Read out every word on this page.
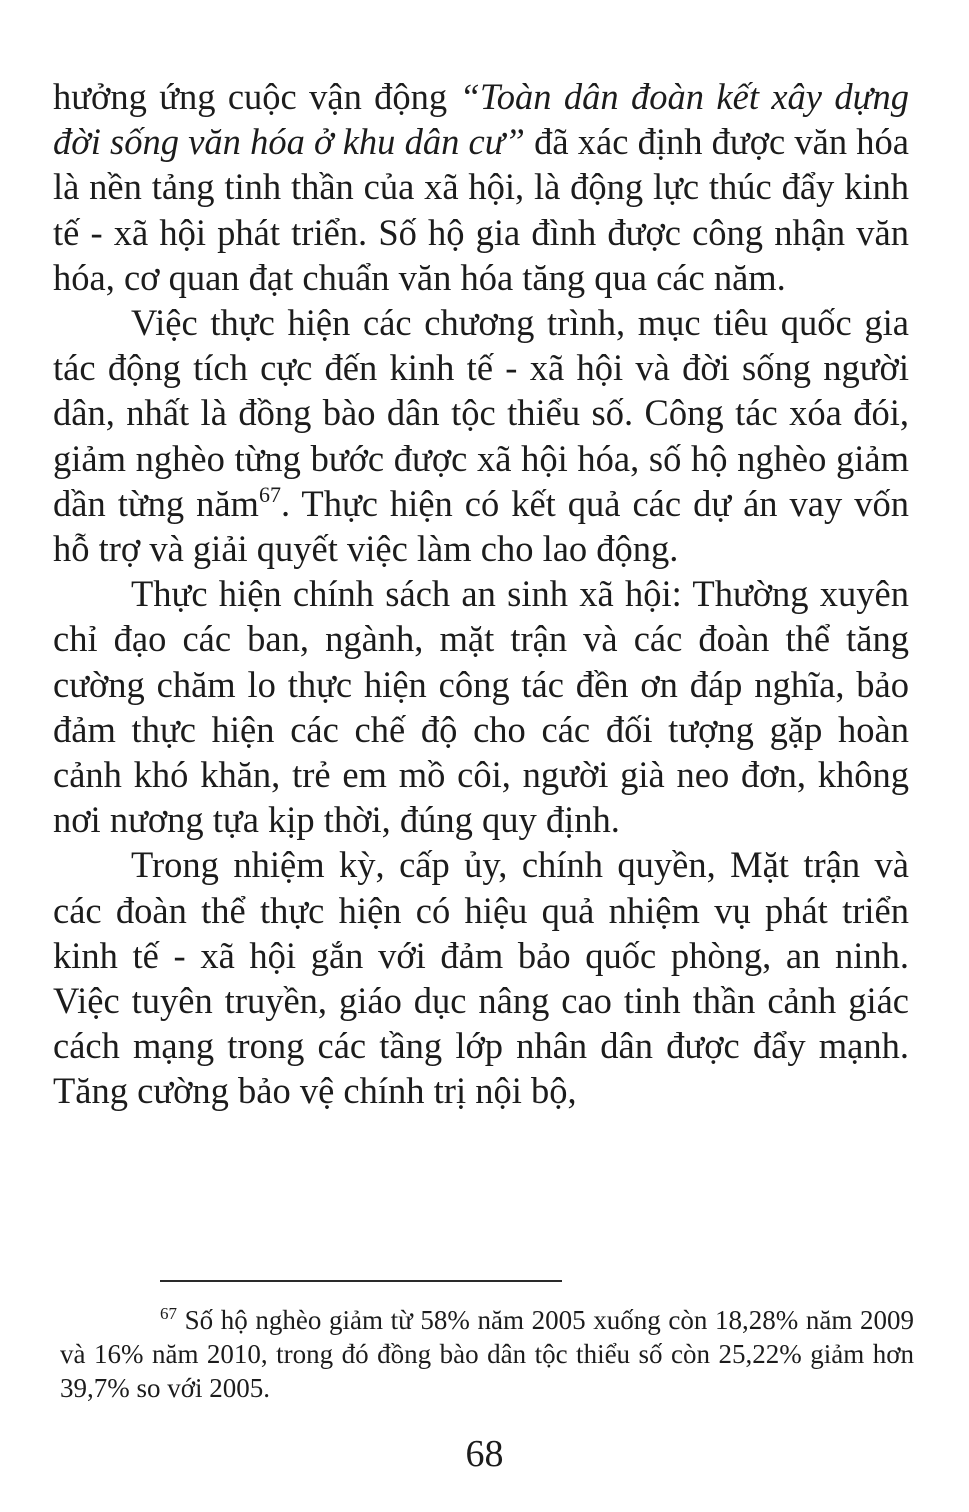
hưởng ứng cuộc vận động “Toàn dân đoàn kết xây dựng đời sống văn hóa ở khu dân cư” đã xác định được văn hóa là nền tảng tinh thần của xã hội, là động lực thúc đẩy kinh tế - xã hội phát triển. Số hộ gia đình được công nhận văn hóa, cơ quan đạt chuẩn văn hóa tăng qua các năm.

Việc thực hiện các chương trình, mục tiêu quốc gia tác động tích cực đến kinh tế - xã hội và đời sống người dân, nhất là đồng bào dân tộc thiểu số. Công tác xóa đói, giảm nghèo từng bước được xã hội hóa, số hộ nghèo giảm dần từng năm$^{67}$. Thực hiện có kết quả các dự án vay vốn hỗ trợ và giải quyết việc làm cho lao động.

Thực hiện chính sách an sinh xã hội: Thường xuyên chỉ đạo các ban, ngành, mặt trận và các đoàn thể tăng cường chăm lo thực hiện công tác đền ơn đáp nghĩa, bảo đảm thực hiện các chế độ cho các đối tượng gặp hoàn cảnh khó khăn, trẻ em mồ côi, người già neo đơn, không nơi nương tựa kịp thời, đúng quy định.

Trong nhiệm kỳ, cấp ủy, chính quyền, Mặt trận và các đoàn thể thực hiện có hiệu quả nhiệm vụ phát triển kinh tế - xã hội gắn với đảm bảo quốc phòng, an ninh. Việc tuyên truyền, giáo dục nâng cao tinh thần cảnh giác cách mạng trong các tầng lớp nhân dân được đẩy mạnh. Tăng cường bảo vệ chính trị nội bộ,

$^{67}$ Số hộ nghèo giảm từ 58% năm 2005 xuống còn 18,28% năm 2009 và 16% năm 2010, trong đó đồng bào dân tộc thiểu số còn 25,22% giảm hơn 39,7% so với 2005.

68
